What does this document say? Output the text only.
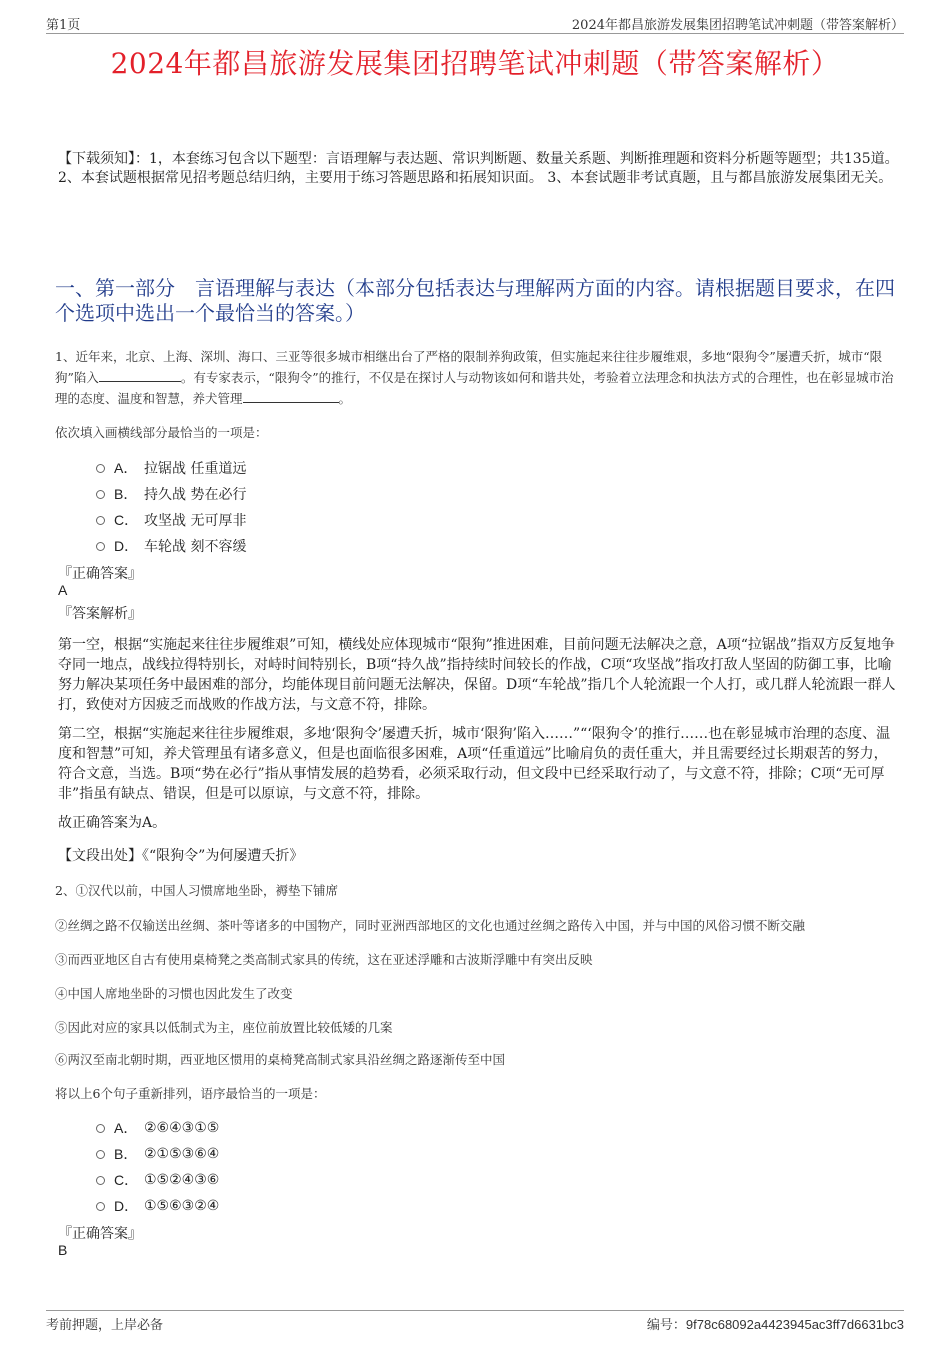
第1页	2024年都昌旅游发展集团招聘笔试冲刺题（带答案解析）
2024年都昌旅游发展集团招聘笔试冲刺题（带答案解析）
【下载须知】：1，本套练习包含以下题型：言语理解与表达题、常识判断题、数量关系题、判断推理题和资料分析题等题型；共135道。 2、本套试题根据常见招考题总结归纳，主要用于练习答题思路和拓展知识面。 3、本套试题非考试真题，且与都昌旅游发展集团无关。
一、第一部分　言语理解与表达（本部分包括表达与理解两方面的内容。请根据题目要求，在四个选项中选出一个最恰当的答案。）
1、近年来，北京、上海、深圳、海口、三亚等很多城市相继出台了严格的限制养狗政策，但实施起来往往步履维艰，多地“限狗令”屡遭夭折，城市“限狗”陷入	。有专家表示，“限狗令”的推行，不仅是在探讨人与动物该如何和谐共处，考验着立法理念和执法方式的合理性，也在彰显城市治理的态度、温度和智慧，养犬管理	。
依次填入画横线部分最恰当的一项是：
A． 拉锯战 任重道远
B． 持久战 势在必行
C． 攻坚战 无可厚非
D． 车轮战 刻不容缓
『正确答案』
A
『答案解析』
第一空，根据“实施起来往往步履维艰”可知，横线处应体现城市“限狗”推进困难，目前问题无法解决之意，A项“拉锯战”指双方反复地争夺同一地点，战线拉得特别长，对峙时间特别长，B项“持久战”指持续时间较长的作战，C项“攻坚战”指攻打敌人坚固的防御工事，比喻努力解决某项任务中最困难的部分，均能体现目前问题无法解决，保留。D项“车轮战”指几个人轮流跟一个人打，或几群人轮流跟一群人打，致使对方因疲乏而战败的作战方法，与文意不符，排除。
第二空，根据“实施起来往往步履维艰，多地‘限狗令’屡遭夭折，城市‘限狗’陷入……”“‘限狗令’的推行……也在彰显城市治理的态度、温度和智慧”可知，养犬管理虽有诸多意义，但是也面临很多困难，A项“任重道远”比喻肩负的责任重大，并且需要经过长期艰苦的努力，符合文意，当选。B项“势在必行”指从事情发展的趋势看，必须采取行动，但文段中已经采取行动了，与文意不符，排除；C项“无可厚非”指虽有缺点、错误，但是可以原谅，与文意不符，排除。
故正确答案为A。
【文段出处】《“限狗令”为何屡遭夭折》
2、①汉代以前，中国人习惯席地坐卧，褥垫下铺席
②丝绸之路不仅输送出丝绸、茶叶等诸多的中国物产，同时亚洲西部地区的文化也通过丝绸之路传入中国，并与中国的风俗习惯不断交融
③而西亚地区自古有使用桌椅凳之类高制式家具的传统，这在亚述浮雕和古波斯浮雕中有突出反映
④中国人席地坐卧的习惯也因此发生了改变
⑤因此对应的家具以低制式为主，座位前放置比较低矮的几案
⑥两汉至南北朝时期，西亚地区惯用的桌椅凳高制式家具沿丝绸之路逐渐传至中国
将以上6个句子重新排列，语序最恰当的一项是：
A． ②⑥④③①⑤
B． ②①⑤③⑥④
C． ①⑤②④③⑥
D． ①⑤⑥③②④
『正确答案』
B
考前押题，上岸必备	编号：9f78c68092a4423945ac3ff7d6631bc3
